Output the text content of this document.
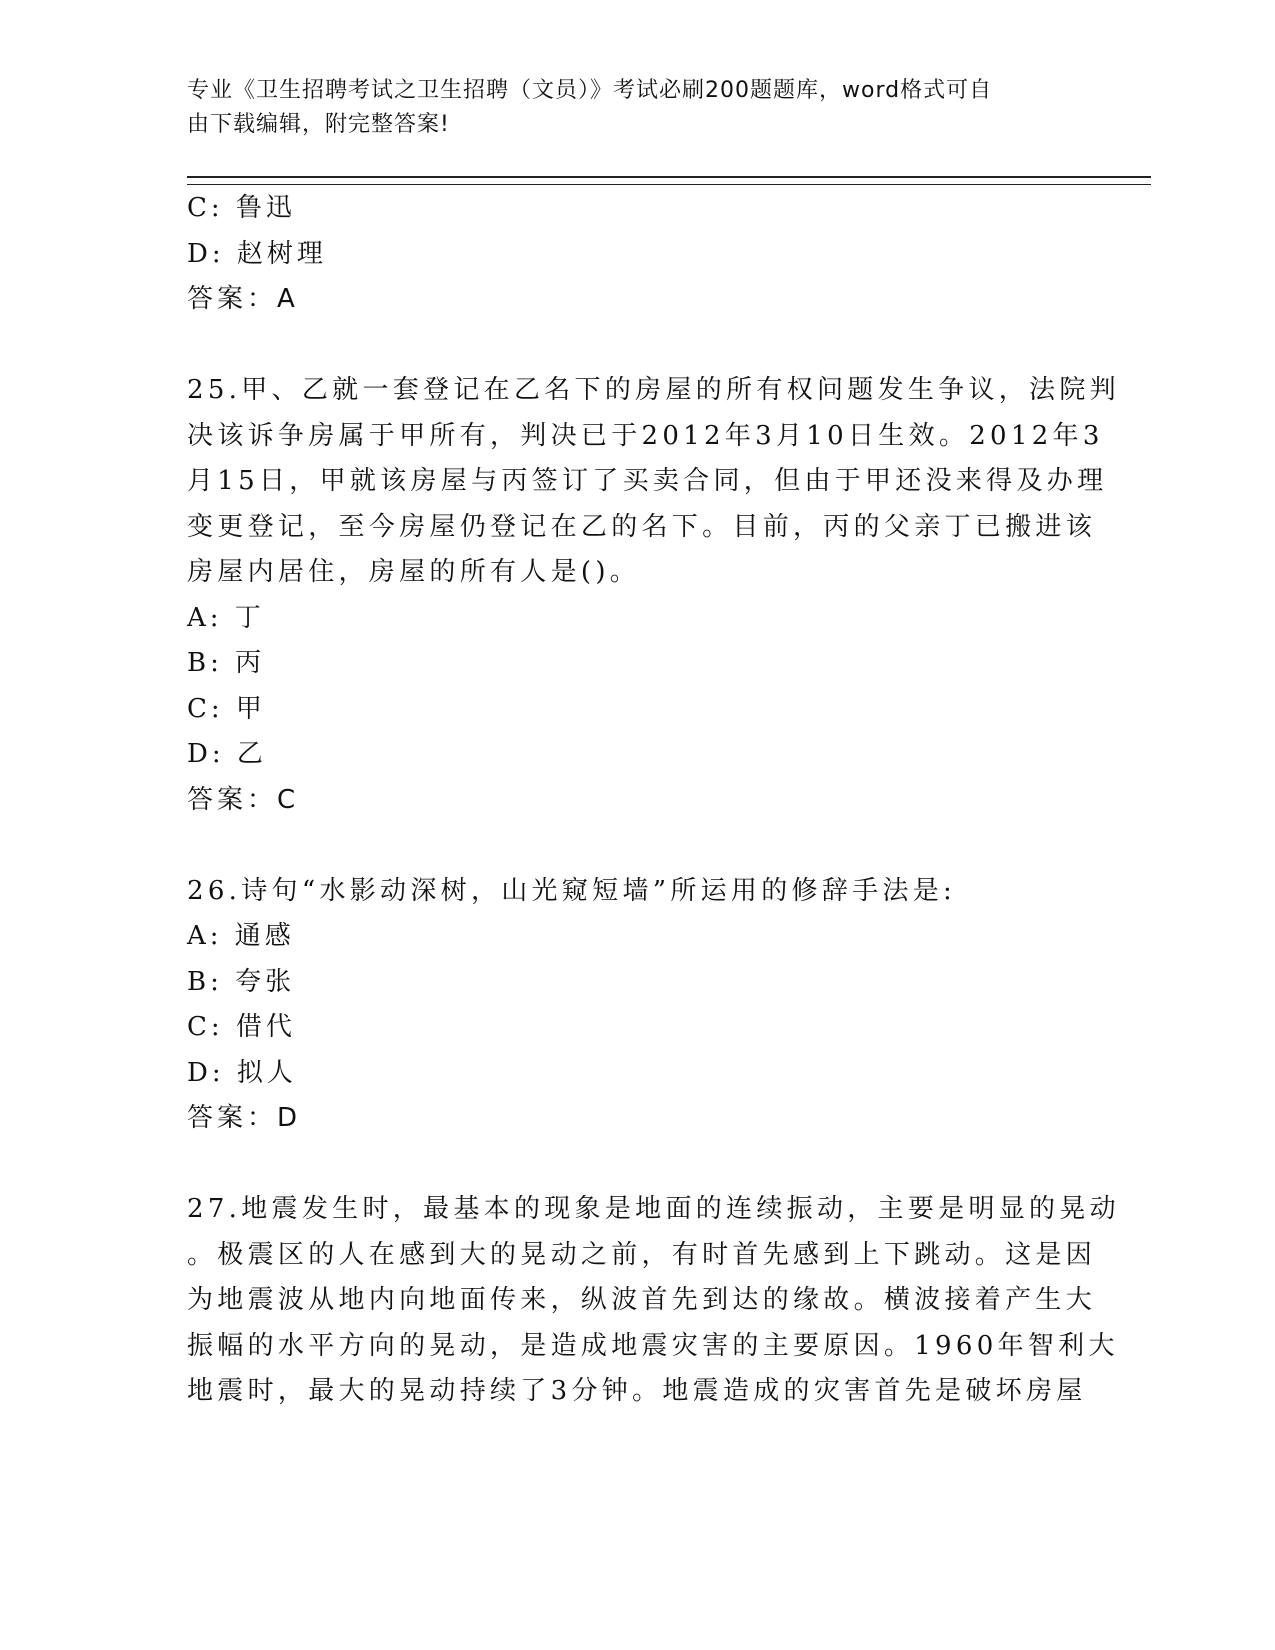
专业《卫生招聘考试之卫生招聘（文员）》考试必刷200题题库，word格式可自
由下载编辑，附完整答案!
C: 鲁迅
D: 赵树理
答案：A
25.甲、乙就一套登记在乙名下的房屋的所有权问题发生争议，法院判
决该诉争房属于甲所有，判决已于2012年3月10日生效。2012年3
月15日，甲就该房屋与丙签订了买卖合同，但由于甲还没来得及办理
变更登记，至今房屋仍登记在乙的名下。目前，丙的父亲丁已搬进该
房屋内居住，房屋的所有人是()。
A: 丁
B: 丙
C: 甲
D: 乙
答案：C
26.诗句“水影动深树，山光窥短墙”所运用的修辞手法是:
A: 通感
B: 夸张
C: 借代
D: 拟人
答案：D
27.地震发生时，最基本的现象是地面的连续振动，主要是明显的晃动
。极震区的人在感到大的晃动之前，有时首先感到上下跳动。这是因
为地震波从地内向地面传来，纵波首先到达的缘故。横波接着产生大
振幅的水平方向的晃动，是造成地震灾害的主要原因。1960年智利大
地震时，最大的晃动持续了3分钟。地震造成的灾害首先是破坏房屋
